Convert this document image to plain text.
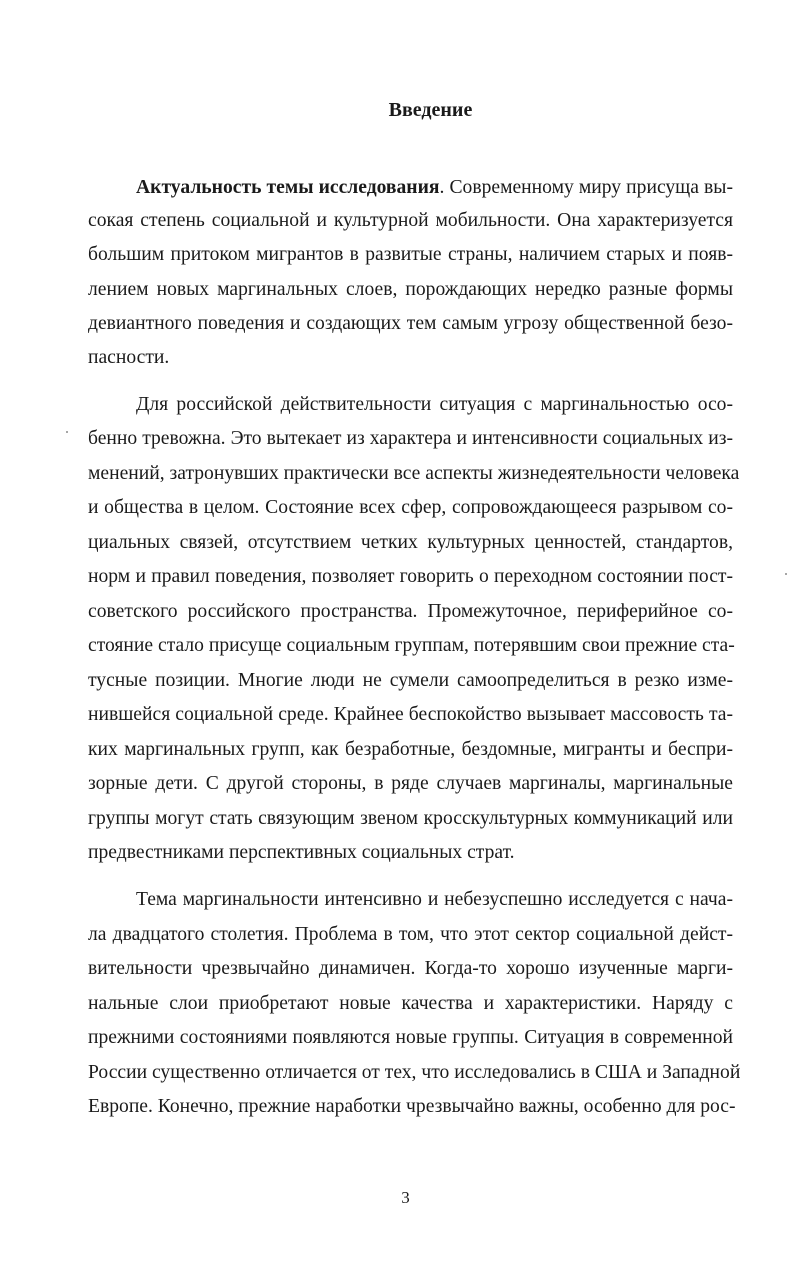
Введение

Актуальность темы исследования. Современному миру присуща вы-

сокая степень социальной и культурной мобильности. Она характеризуется

большим притоком мигрантов в развитые страны, наличием старых и появ-

лением новых маргинальных слоев, порождающих нередко разные формы

девиантного поведения и создающих тем самым угрозу общественной безо-

пасности.

Для российской действительности ситуация с маргинальностью осо-

бенно тревожна. Это вытекает из характера и интенсивности социальных из-

менений, затронувших практически все аспекты жизнедеятельности человека

и общества в целом. Состояние всех сфер, сопровождающееся разрывом со-

циальных связей, отсутствием четких культурных ценностей, стандартов,

норм и правил поведения, позволяет говорить о переходном состоянии пост-

советского российского пространства. Промежуточное, периферийное со-

стояние стало присуще социальным группам, потерявшим свои прежние ста-

тусные позиции. Многие люди не сумели самоопределиться в резко изме-

нившейся социальной среде. Крайнее беспокойство вызывает массовость та-

ких маргинальных групп, как безработные, бездомные, мигранты и беспри-

зорные дети. С другой стороны, в ряде случаев маргиналы, маргинальные

группы могут стать связующим звеном кросскультурных коммуникаций или

предвестниками перспективных социальных страт.

Тема маргинальности интенсивно и небезуспешно исследуется с нача-

ла двадцатого столетия. Проблема в том, что этот сектор социальной дейст-

вительности чрезвычайно динамичен. Когда-то хорошо изученные марги-

нальные слои приобретают новые качества и характеристики. Наряду с

прежними состояниями появляются новые группы. Ситуация в современной

России существенно отличается от тех, что исследовались в США и Западной

Европе. Конечно, прежние наработки чрезвычайно важны, особенно для рос-

3
